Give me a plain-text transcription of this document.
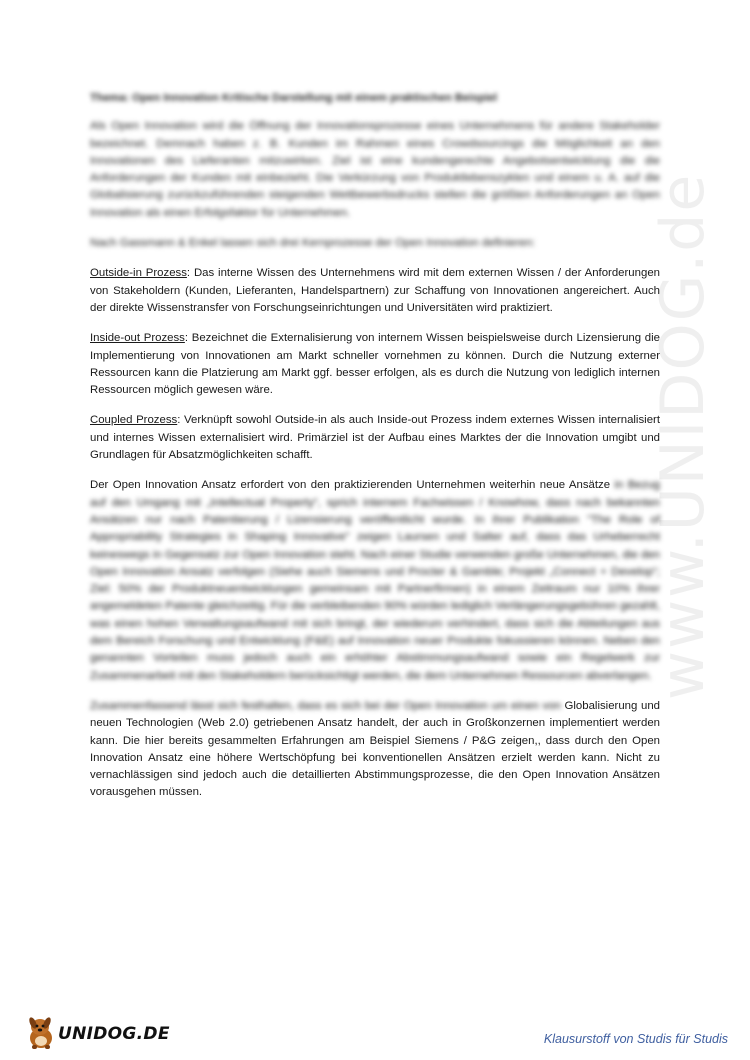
www.UNIDOG.de
Thema: Open Innovation Kritische Darstellung mit einem praktischen Beispiel

Als Open Innovation wird die Öffnung der Innovationsprozesse eines Unternehmens für andere Stakeholder bezeichnet. Demnach haben z. B. Kunden im Rahmen eines Crowdsourcings die Möglichkeit an den Innovationen des Lieferanten mitzuwirken. Ziel ist eine kundengerechte Angebotsentwicklung die die Anforderungen der Kunden mit einbezieht. Die Verkürzung von Produktlebenszyklen und einem u. A. auf die Globalisierung zurückzuführenden steigenden Wettbewerbsdrucks stellen die größten Anforderungen an Open Innovation als einen Erfolgsfaktor für Unternehmen.

Nach Gassmann & Enkel lassen sich drei Kernprozesse der Open Innovation definieren:

Outside-in Prozess: Das interne Wissen des Unternehmens wird mit dem externen Wissen / der Anforderungen von Stakeholdern (Kunden, Lieferanten, Handelspartnern) zur Schaffung von Innovationen angereichert. Auch der direkte Wissenstransfer von Forschungseinrichtungen und Universitäten wird praktiziert.

Inside-out Prozess: Bezeichnet die Externalisierung von internem Wissen beispielsweise durch Lizensierung die Implementierung von Innovationen am Markt schneller vornehmen zu können. Durch die Nutzung externer Ressourcen kann die Platzierung am Markt ggf. besser erfolgen, als es durch die Nutzung von lediglich internen Ressourcen möglich gewesen wäre.

Coupled Prozess: Verknüpft sowohl Outside-in als auch Inside-out Prozess indem externes Wissen internalisiert und internes Wissen externalisiert wird. Primärziel ist der Aufbau eines Marktes der die Innovation umgibt und Grundlagen für Absatzmöglichkeiten schafft.

Der Open Innovation Ansatz erfordert von den praktizierenden Unternehmen weiterhin neue Ansätze in Bezug auf den Umgang mit „Intellectual Property“, sprich internem Fachwissen / Knowhow, dass nach bekannten Ansätzen nur nach Patentierung / Lizensierung veröffentlicht wurde. In ihrer Publikation "The Role of Appropriability Strategies in Shaping Innovative" zeigen Laursen und Salter auf, dass das Urheberrecht keineswegs in Gegensatz zur Open Innovation steht. Nach einer Studie verwenden große Unternehmen, die den Open Innovation Ansatz verfolgen (Siehe auch Siemens und Procter & Gamble; Projekt „Connect + Develop“; Ziel: 50% der Produktneuentwicklungen gemeinsam mit Partnerfirmen) in einem Zeitraum nur 10% ihrer angemeldeten Patente gleichzeitig. Für die verbleibenden 90% würden lediglich Verlängerungsgebühren gezahlt, was einen hohen Verwaltungsaufwand mit sich bringt, der wiederum verhindert, dass sich die Abteilungen aus dem Bereich Forschung und Entwicklung (F&E) auf Innovation neuer Produkte fokussieren können. Neben den genannten Vorteilen muss jedoch auch ein erhöhter Abstimmungsaufwand sowie ein Regelwerk zur Zusammenarbeit mit den Stakeholdern berücksichtigt werden, die dem Unternehmen Ressourcen abverlangen.

Zusammenfassend lässt sich festhalten, dass es sich bei der Open Innovation um einen von Globalisierung und neuen Technologien (Web 2.0) getriebenen Ansatz handelt, der auch in Großkonzernen implementiert werden kann. Die hier bereits gesammelten Erfahrungen am Beispiel Siemens / P&G zeigen,, dass durch den Open Innovation Ansatz eine höhere Wertschöpfung bei konventionellen Ansätzen erzielt werden kann. Nicht zu vernachlässigen sind jedoch auch die detaillierten Abstimmungsprozesse, die den Open Innovation Ansätzen vorausgehen müssen.

UNIDOG.DE	Klausurstoff von Studis für Studis
